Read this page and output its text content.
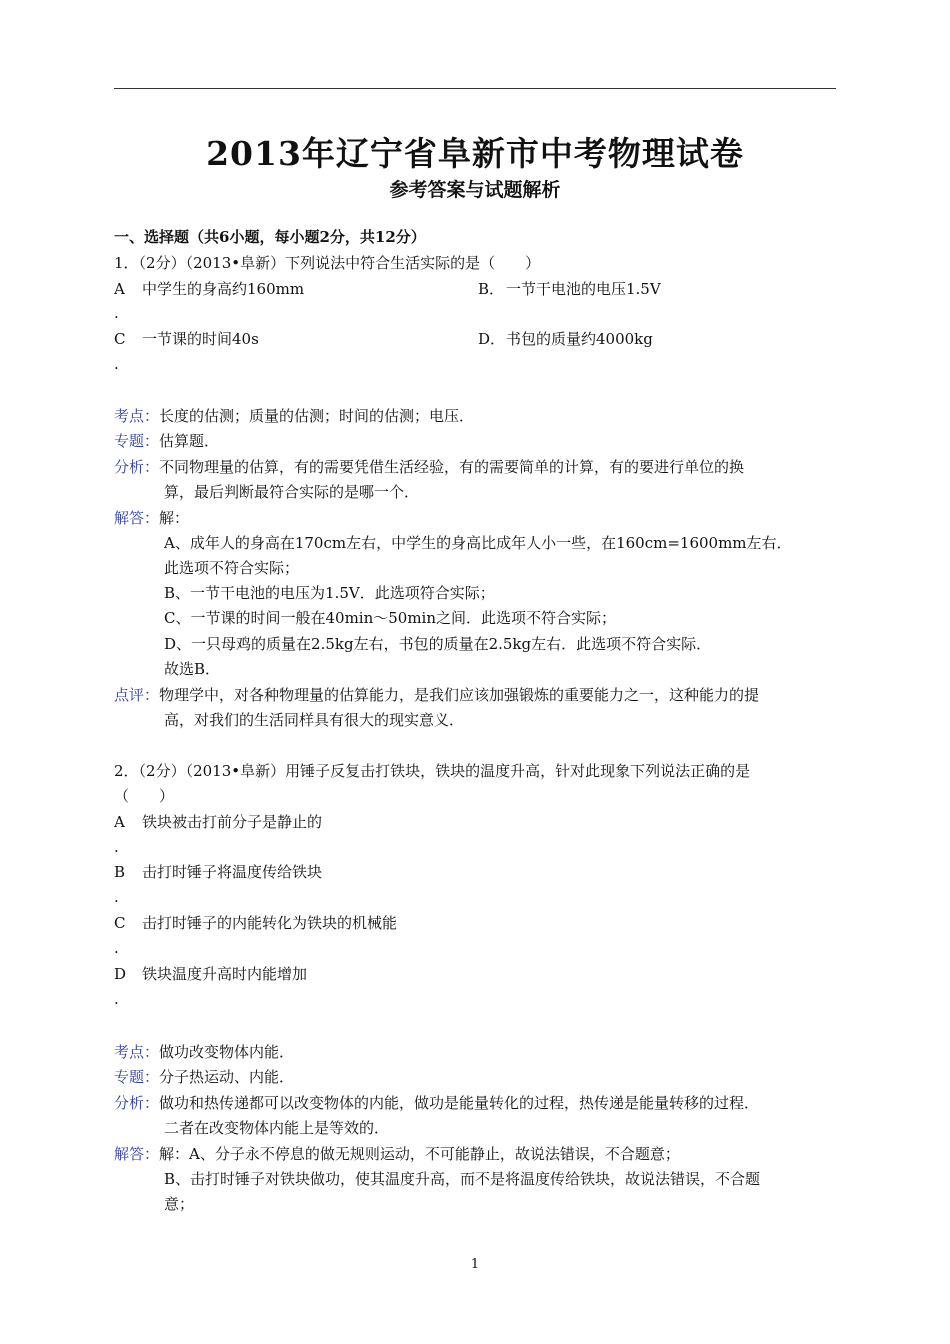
2013年辽宁省阜新市中考物理试卷
参考答案与试题解析
一、选择题（共6小题，每小题2分，共12分）
1．（2分）（2013•阜新）下列说法中符合生活实际的是（　　）
A 中学生的身高约160mm	B． 一节干电池的电压1.5V
.
C 一节课的时间40s	D．书包的质量约4000kg
.
考点：长度的估测；质量的估测；时间的估测；电压．
专题：估算题．
分析：不同物理量的估算，有的需要凭借生活经验，有的需要简单的计算，有的要进行单位的换
算，最后判断最符合实际的是哪一个．
解答：解：
A、成年人的身高在170cm左右，中学生的身高比成年人小一些，在160cm=1600mm左右．
此选项不符合实际；
B、一节干电池的电压为1.5V．此选项符合实际；
C、一节课的时间一般在40min～50min之间．此选项不符合实际；
D、一只母鸡的质量在2.5kg左右，书包的质量在2.5kg左右．此选项不符合实际．
故选B．
点评：物理学中，对各种物理量的估算能力，是我们应该加强锻炼的重要能力之一，这种能力的提
高，对我们的生活同样具有很大的现实意义．
2．（2分）（2013•阜新）用锤子反复击打铁块，铁块的温度升高，针对此现象下列说法正确的是
（　　）
A 铁块被击打前分子是静止的
.
B 击打时锤子将温度传给铁块
.
C 击打时锤子的内能转化为铁块的机械能
.
D 铁块温度升高时内能增加
.
考点：做功改变物体内能．
专题：分子热运动、内能．
分析：做功和热传递都可以改变物体的内能，做功是能量转化的过程，热传递是能量转移的过程．
二者在改变物体内能上是等效的．
解答：解：A、分子永不停息的做无规则运动，不可能静止，故说法错误，不合题意；
B、击打时锤子对铁块做功，使其温度升高，而不是将温度传给铁块，故说法错误，不合题
意；
1
